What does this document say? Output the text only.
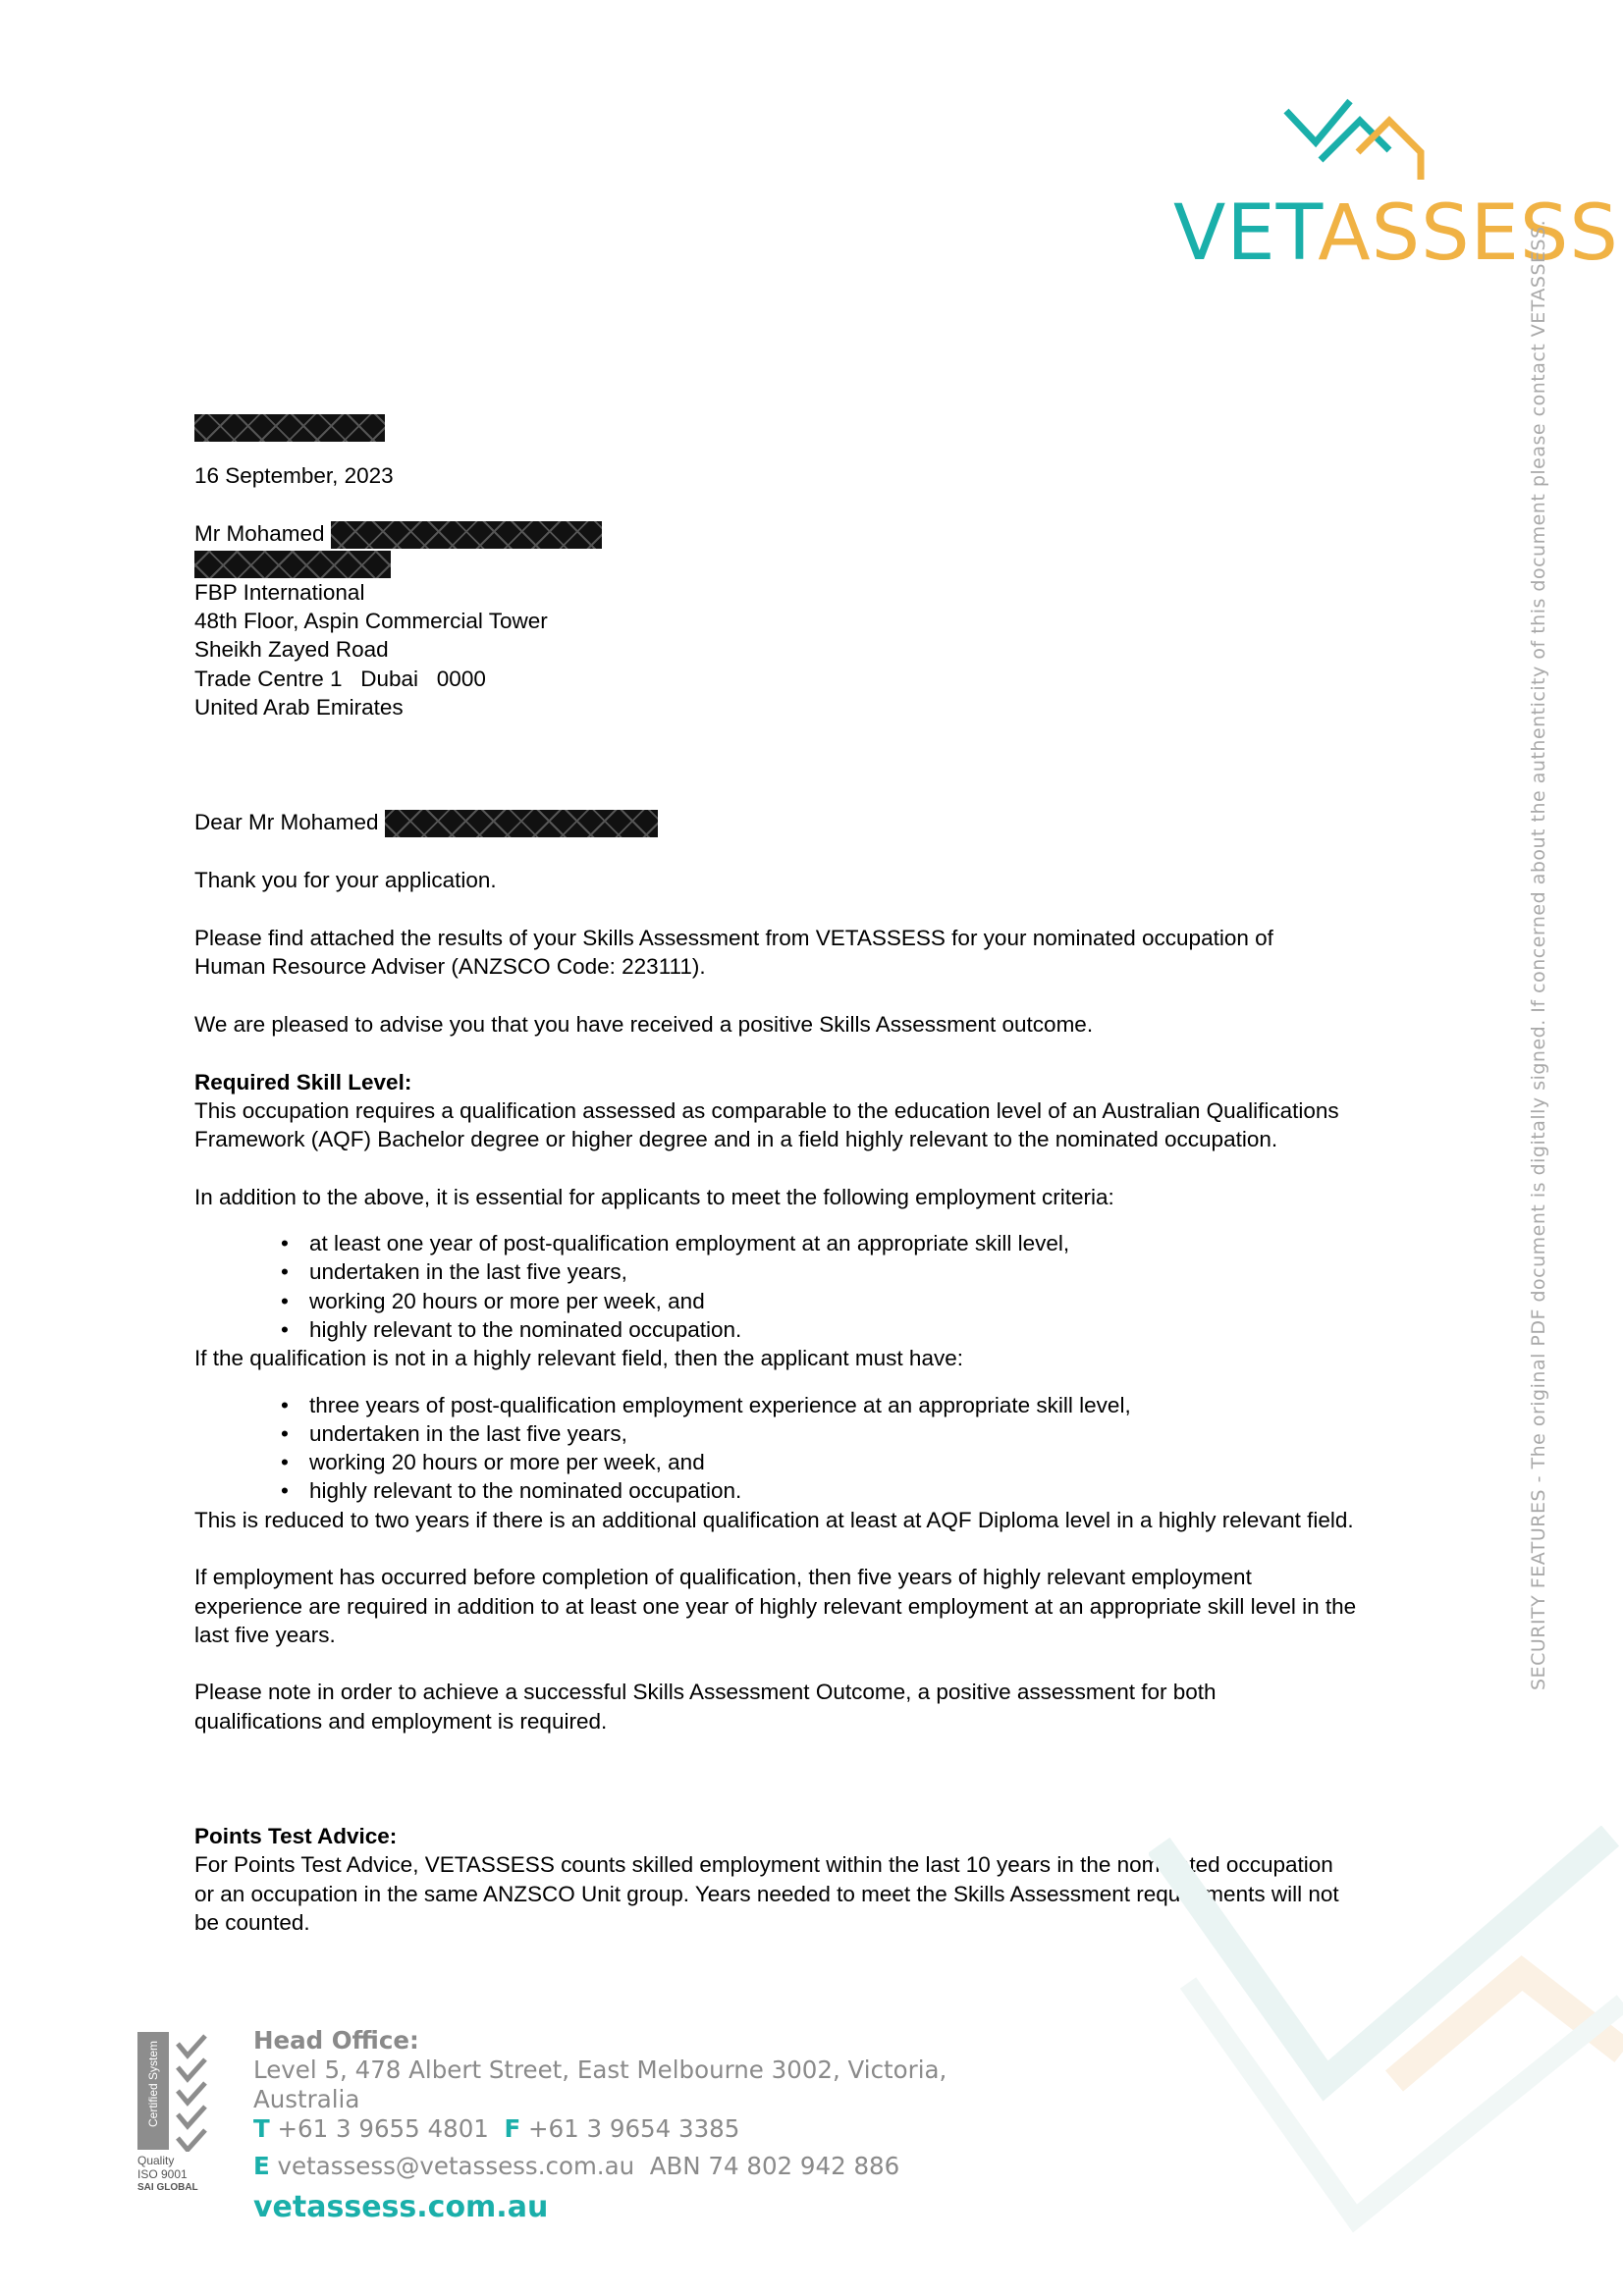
VETASSESS
SECURITY FEATURES - The original PDF document is digitally signed. If concerned about the authenticity of this document please contact VETASSESS.

16 September, 2023

Mr Mohamed

FBP International

48th Floor, Aspin Commercial Tower

Sheikh Zayed Road

Trade Centre 1   Dubai   0000

United Arab Emirates

Dear Mr Mohamed

Thank you for your application.

Please find attached the results of your Skills Assessment from VETASSESS for your nominated occupation of

Human Resource Adviser (ANZSCO Code: 223111).

We are pleased to advise you that you have received a positive Skills Assessment outcome.

Required Skill Level:

This occupation requires a qualification assessed as comparable to the education level of an Australian Qualifications

Framework (AQF) Bachelor degree or higher degree and in a field highly relevant to the nominated occupation.

In addition to the above, it is essential for applicants to meet the following employment criteria:

• at least one year of post-qualification employment at an appropriate skill level,
• undertaken in the last five years,
• working 20 hours or more per week, and
• highly relevant to the nominated occupation.

If the qualification is not in a highly relevant field, then the applicant must have:

• three years of post-qualification employment experience at an appropriate skill level,
• undertaken in the last five years,
• working 20 hours or more per week, and
• highly relevant to the nominated occupation.

This is reduced to two years if there is an additional qualification at least at AQF Diploma level in a highly relevant field.

If employment has occurred before completion of qualification, then five years of highly relevant employment

experience are required in addition to at least one year of highly relevant employment at an appropriate skill level in the

last five years.

Please note in order to achieve a successful Skills Assessment Outcome, a positive assessment for both

qualifications and employment is required.

Points Test Advice:

For Points Test Advice, VETASSESS counts skilled employment within the last 10 years in the nominated occupation

or an occupation in the same ANZSCO Unit group. Years needed to meet the Skills Assessment requirements will not

be counted.

Certified System
Quality
ISO 9001
SAI GLOBAL
Head Office:
Level 5, 478 Albert Street, East Melbourne 3002, Victoria, Australia
T +61 3 9655 4801 F +61 3 9654 3385
E vetassess@vetassess.com.au ABN 74 802 942 886
vetassess.com.au
